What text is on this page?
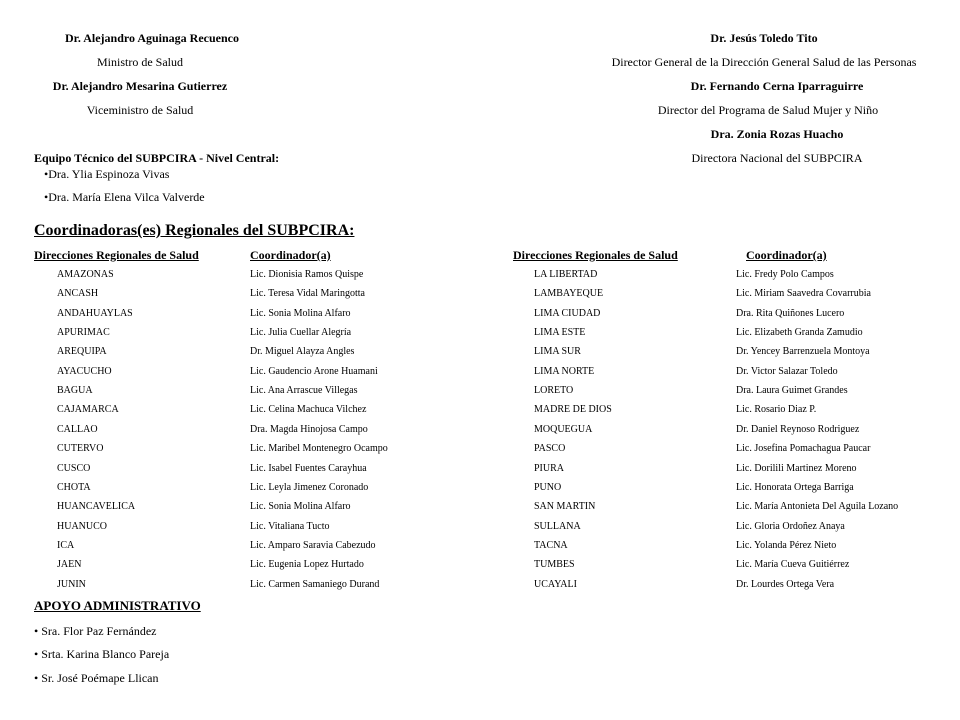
Dr. Alejandro Aguinaga Recuenco
Ministro de Salud
Dr. Alejandro Mesarina Gutierrez
Viceministro de Salud
Dr. Jesús Toledo Tito
Director General de la Dirección General Salud de las Personas
Dr. Fernando Cerna Iparraguirre
Director del Programa de Salud Mujer y Niño
Dra. Zonia Rozas Huacho
Directora Nacional del SUBPCIRA
Equipo Técnico del SUBPCIRA - Nivel Central:
•Dra. Ylia Espinoza Vivas
•Dra. María Elena Vilca Valverde
Coordinadoras(es) Regionales del SUBPCIRA:
Direcciones Regionales de Salud	Coordinador(a)	Direcciones Regionales de Salud	Coordinador(a)
AMAZONAS	Lic. Dionisia Ramos Quispe
ANCASH	Lic. Teresa Vidal Maringotta
ANDAHUAYLAS	Lic. Sonia Molina Alfaro
APURIMAC	Lic. Julia Cuellar Alegría
AREQUIPA	Dr. Miguel Alayza Angles
AYACUCHO	Lic. Gaudencio Arone Huamani
BAGUA	Lic. Ana Arrascue Villegas
CAJAMARCA	Lic. Celina Machuca Vilchez
CALLAO	Dra. Magda Hinojosa Campo
CUTERVO	Lic. Maribel Montenegro Ocampo
CUSCO	Lic. Isabel Fuentes Carayhua
CHOTA	Lic. Leyla Jimenez Coronado
HUANCAVELICA	Lic. Sonia Molina Alfaro
HUANUCO	Lic. Vitaliana Tucto
ICA	Lic. Amparo Saravia Cabezudo
JAEN	Lic. Eugenia Lopez Hurtado
JUNIN	Lic. Carmen Samaniego Durand
LA LIBERTAD	Lic. Fredy Polo Campos
LAMBAYEQUE	Lic. Miriam Saavedra Covarrubia
LIMA CIUDAD	Dra. Rita Quiñones Lucero
LIMA ESTE	Lic. Elizabeth Granda Zamudio
LIMA SUR	Dr. Yencey Barrenzuela Montoya
LIMA NORTE	Dr. Victor Salazar Toledo
LORETO	Dra. Laura Guimet Grandes
MADRE DE DIOS	Lic. Rosario Diaz P.
MOQUEGUA	Dr. Daniel Reynoso Rodriguez
PASCO	Lic. Josefina Pomachagua Paucar
PIURA	Lic. Dorilili Martinez Moreno
PUNO	Lic. Honorata Ortega Barriga
SAN MARTIN	Lic. María Antonieta Del Aguila Lozano
SULLANA	Lic. Gloria Ordoñez Anaya
TACNA	Lic. Yolanda Pérez Nieto
TUMBES	Lic. María Cueva Guitiérrez
UCAYALI	Dr. Lourdes Ortega Vera
APOYO ADMINISTRATIVO
• Sra. Flor Paz Fernández
• Srta. Karina Blanco Pareja
• Sr. José Poémape Llican
